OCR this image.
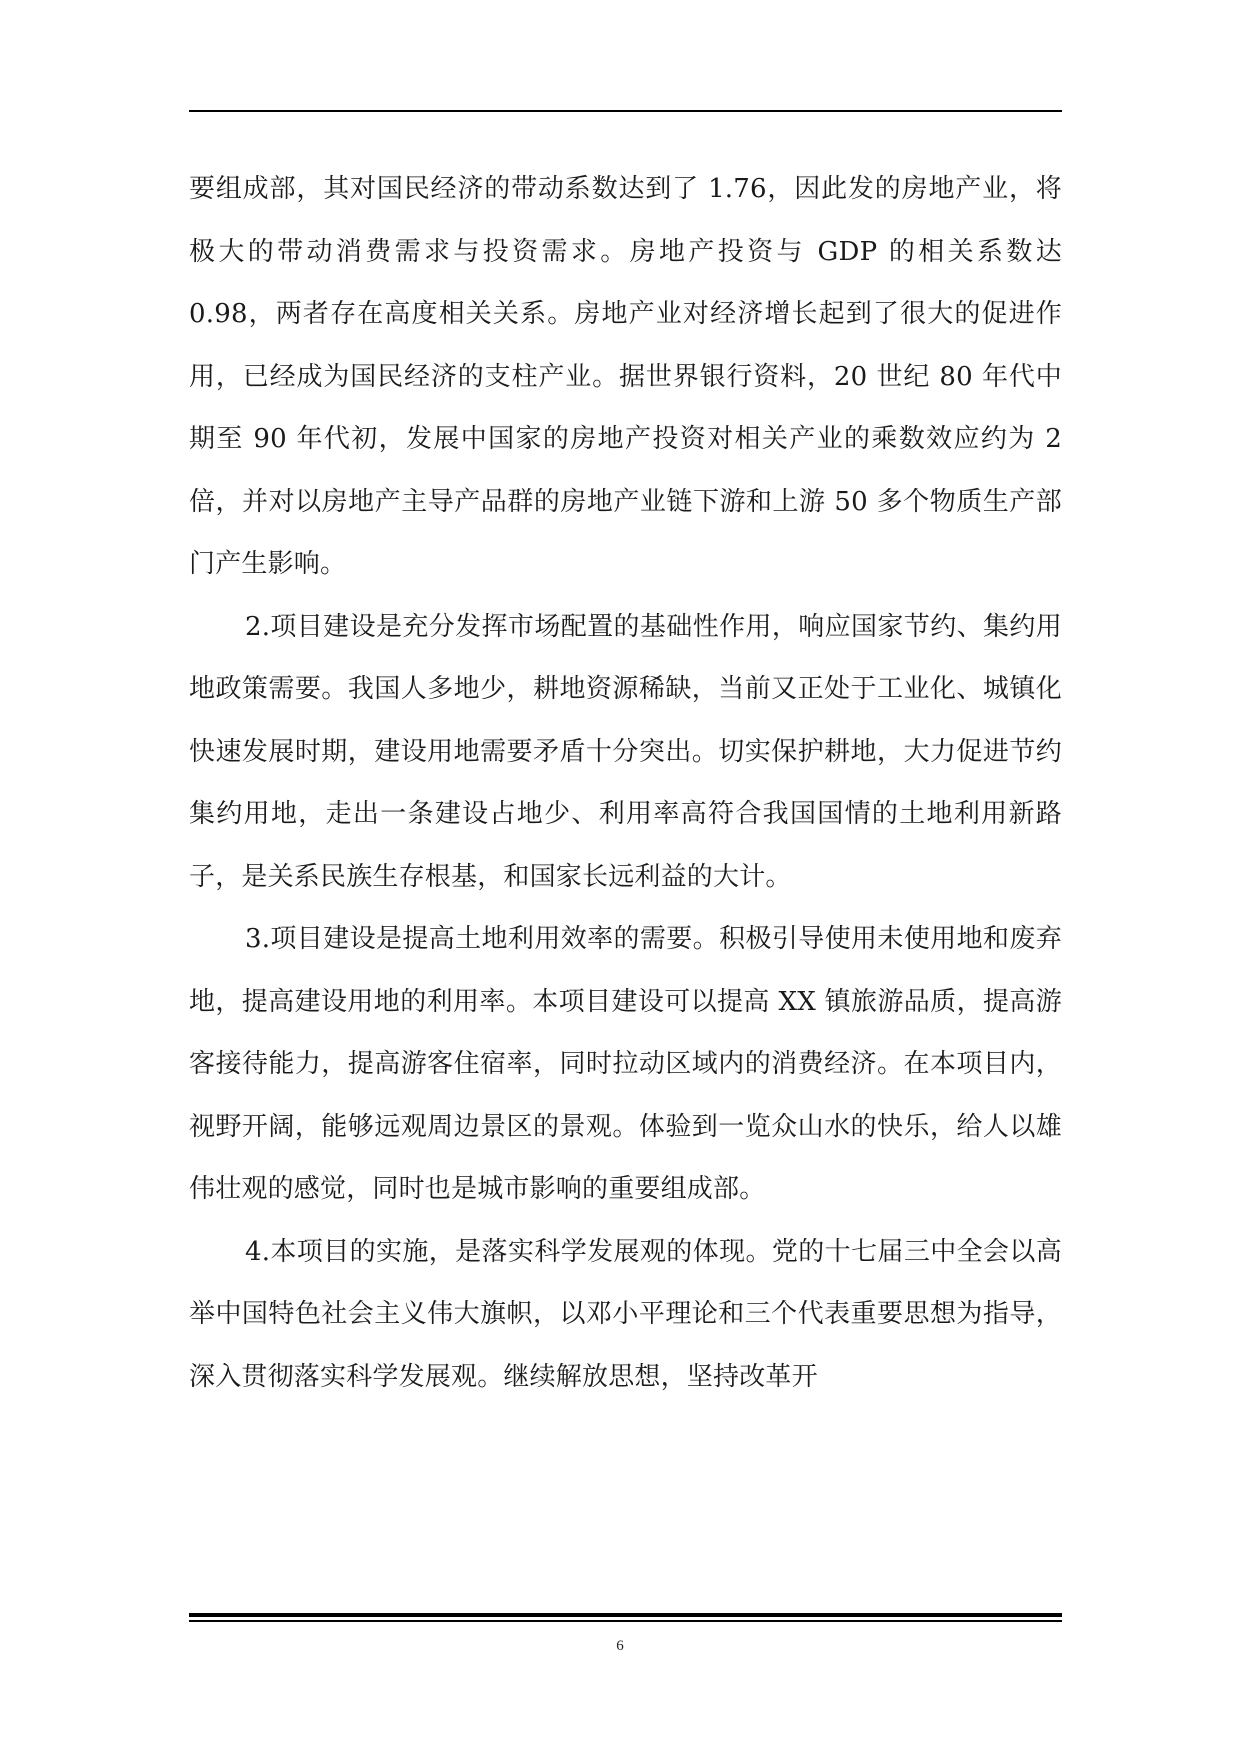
要组成部，其对国民经济的带动系数达到了 1.76，因此发的房地产业，将极大的带动消费需求与投资需求。房地产投资与 GDP 的相关系数达 0.98，两者存在高度相关关系。房地产业对经济增长起到了很大的促进作用，已经成为国民经济的支柱产业。据世界银行资料，20 世纪 80 年代中期至 90 年代初，发展中国家的房地产投资对相关产业的乘数效应约为 2 倍，并对以房地产主导产品群的房地产业链下游和上游 50 多个物质生产部门产生影响。

2.项目建设是充分发挥市场配置的基础性作用，响应国家节约、集约用地政策需要。我国人多地少，耕地资源稀缺，当前又正处于工业化、城镇化快速发展时期，建设用地需要矛盾十分突出。切实保护耕地，大力促进节约集约用地，走出一条建设占地少、利用率高符合我国国情的土地利用新路子，是关系民族生存根基，和国家长远利益的大计。

3.项目建设是提高土地利用效率的需要。积极引导使用未使用地和废弃地，提高建设用地的利用率。本项目建设可以提高 XX 镇旅游品质，提高游客接待能力，提高游客住宿率，同时拉动区域内的消费经济。在本项目内，视野开阔，能够远观周边景区的景观。体验到一览众山水的快乐，给人以雄伟壮观的感觉，同时也是城市影响的重要组成部。

4.本项目的实施，是落实科学发展观的体现。党的十七届三中全会以高举中国特色社会主义伟大旗帜，以邓小平理论和三个代表重要思想为指导，深入贯彻落实科学发展观。继续解放思想，坚持改革开

6
